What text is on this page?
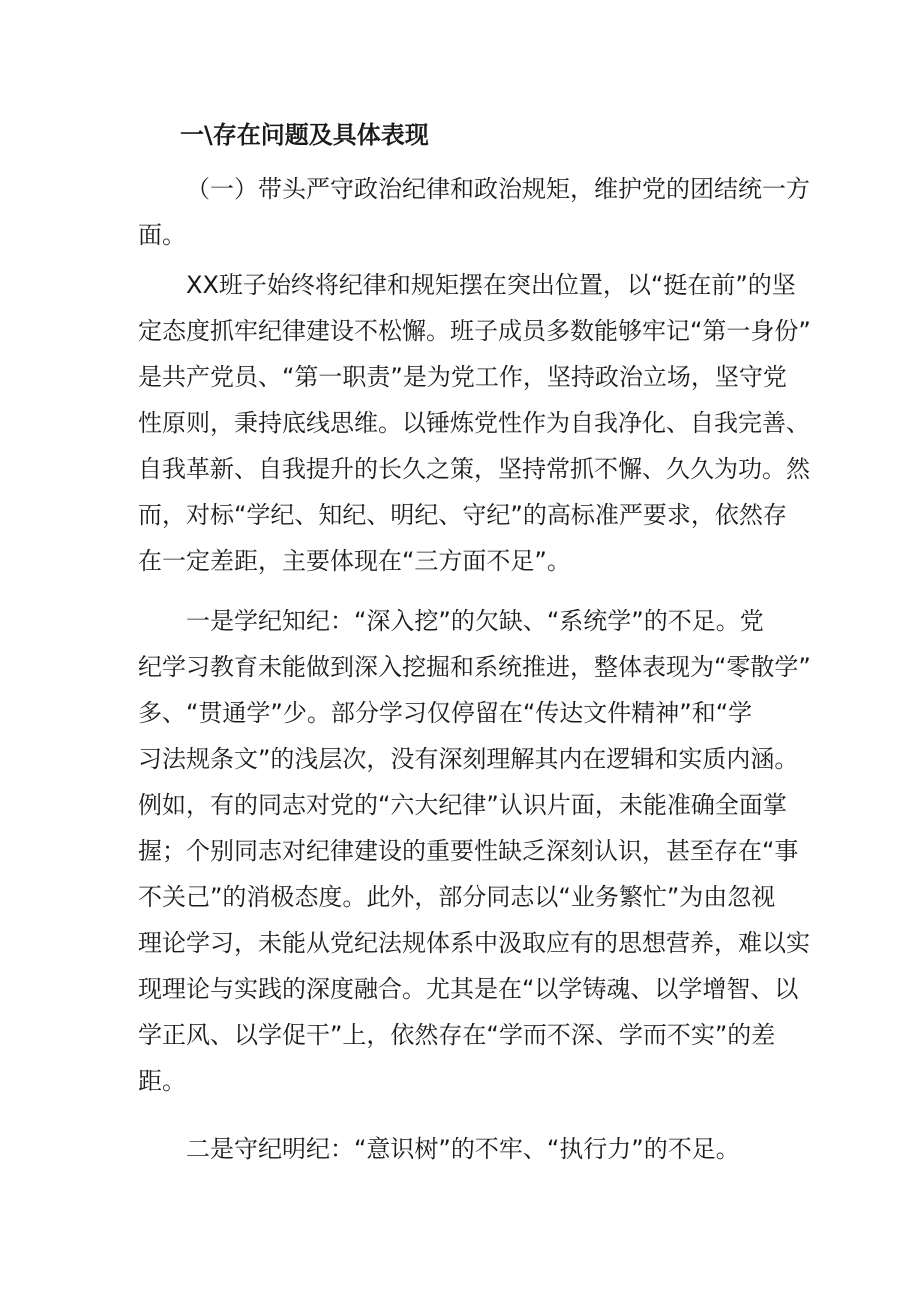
一\存在问题及具体表现
（一）带头严守政治纪律和政治规矩，维护党的团结统一方
面。
XX班子始终将纪律和规矩摆在突出位置，以“挺在前”的坚
定态度抓牢纪律建设不松懈。班子成员多数能够牢记“第一身份”
是共产党员、“第一职责”是为党工作，坚持政治立场，坚守党
性原则，秉持底线思维。以锤炼党性作为自我净化、自我完善、
自我革新、自我提升的长久之策，坚持常抓不懈、久久为功。然
而，对标“学纪、知纪、明纪、守纪”的高标准严要求，依然存
在一定差距，主要体现在“三方面不足”。
一是学纪知纪：“深入挖”的欠缺、“系统学”的不足。党
纪学习教育未能做到深入挖掘和系统推进，整体表现为“零散学”
多、“贯通学”少。部分学习仅停留在“传达文件精神”和“学
习法规条文”的浅层次，没有深刻理解其内在逻辑和实质内涵。
例如，有的同志对党的“六大纪律”认识片面，未能准确全面掌
握；个别同志对纪律建设的重要性缺乏深刻认识，甚至存在“事
不关己”的消极态度。此外，部分同志以“业务繁忙”为由忽视
理论学习，未能从党纪法规体系中汲取应有的思想营养，难以实
现理论与实践的深度融合。尤其是在“以学铸魂、以学增智、以
学正风、以学促干”上，依然存在“学而不深、学而不实”的差
距。
二是守纪明纪：“意识树”的不牢、“执行力”的不足。
